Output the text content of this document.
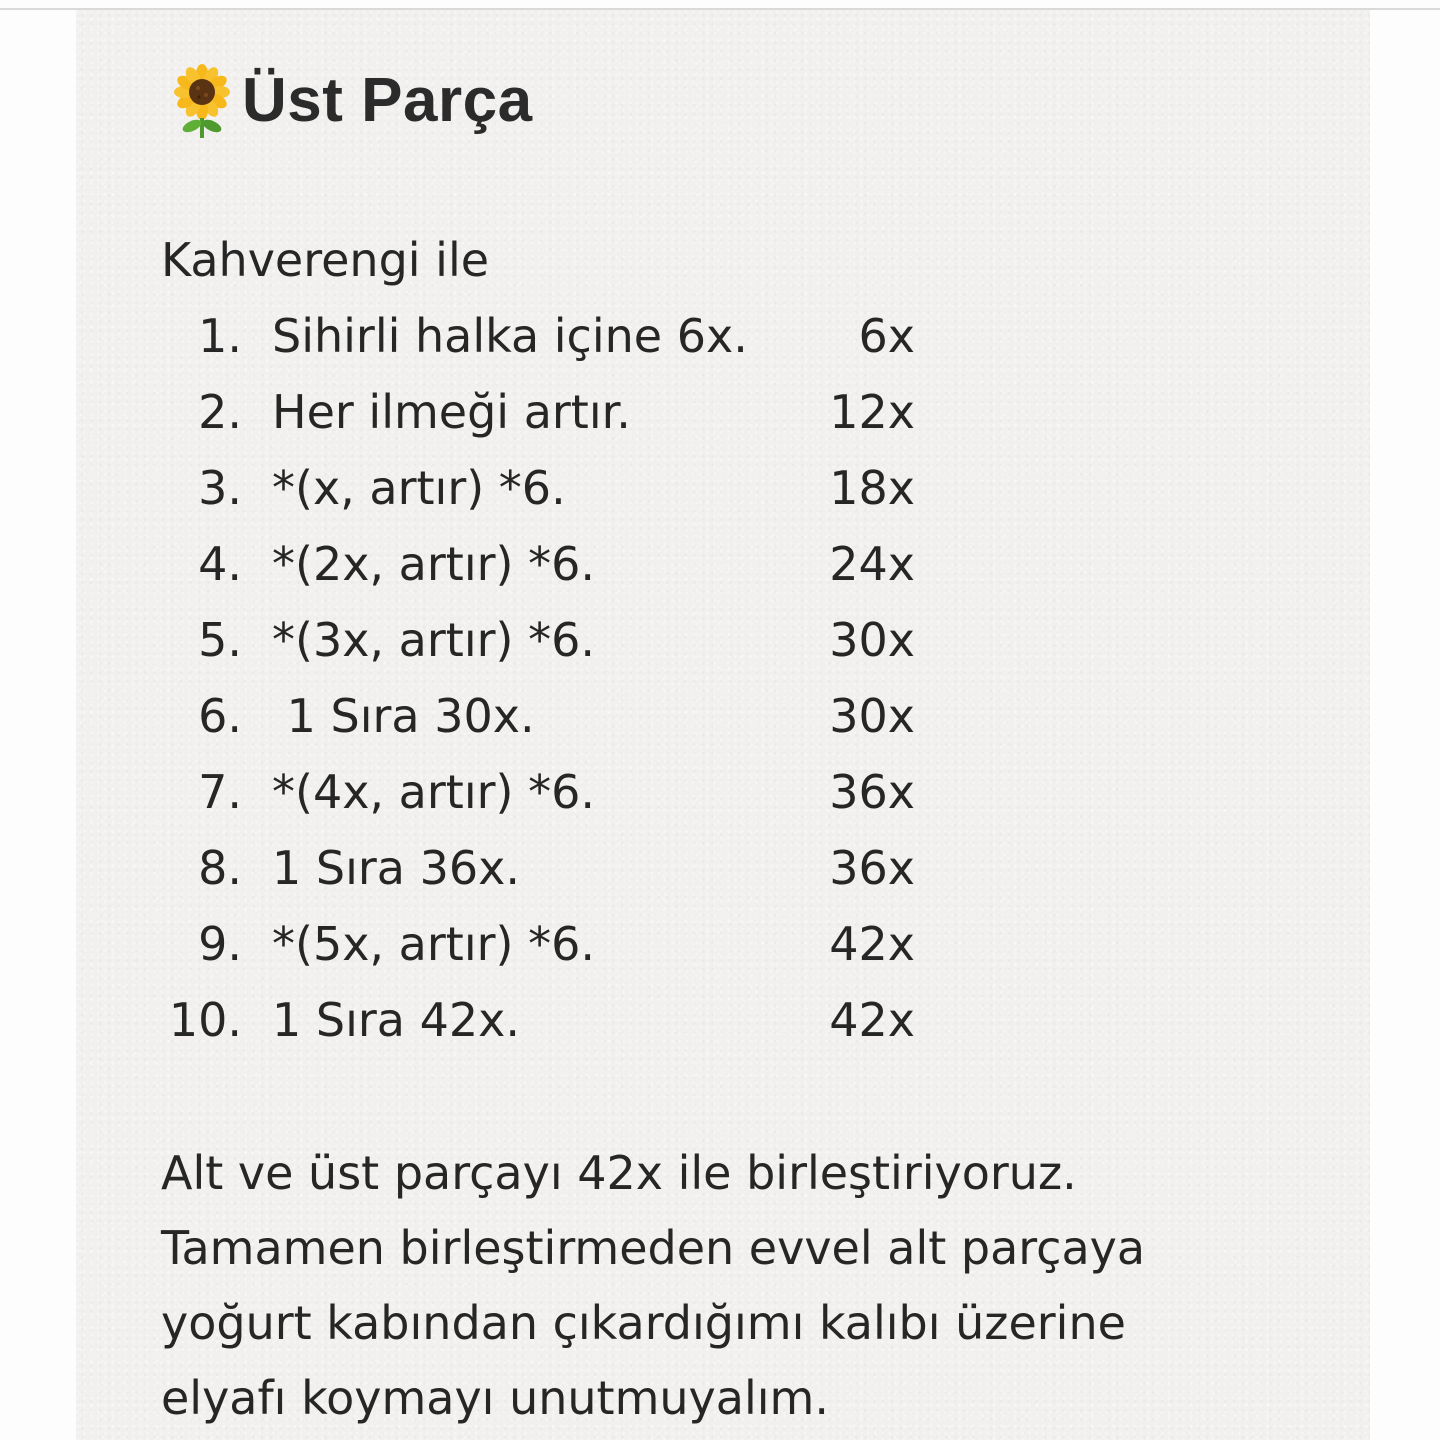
Üst Parça
Kahverengi ile
1. Sihirli halka içine 6x.	6x
2. Her ilmeği artır.	12x
3. *(x, artır) *6.	18x
4. *(2x, artır) *6.	24x
5. *(3x, artır) *6.	30x
6. 1 Sıra 30x.	30x
7. *(4x, artır) *6.	36x
8. 1 Sıra 36x.	36x
9. *(5x, artır) *6.	42x
10. 1 Sıra 42x.	42x
Alt ve üst parçayı 42x ile birleştiriyoruz.
Tamamen birleştirmeden evvel alt parçaya
yoğurt kabından çıkardığımı kalıbı üzerine
elyafı koymayı unutmuyalım.
